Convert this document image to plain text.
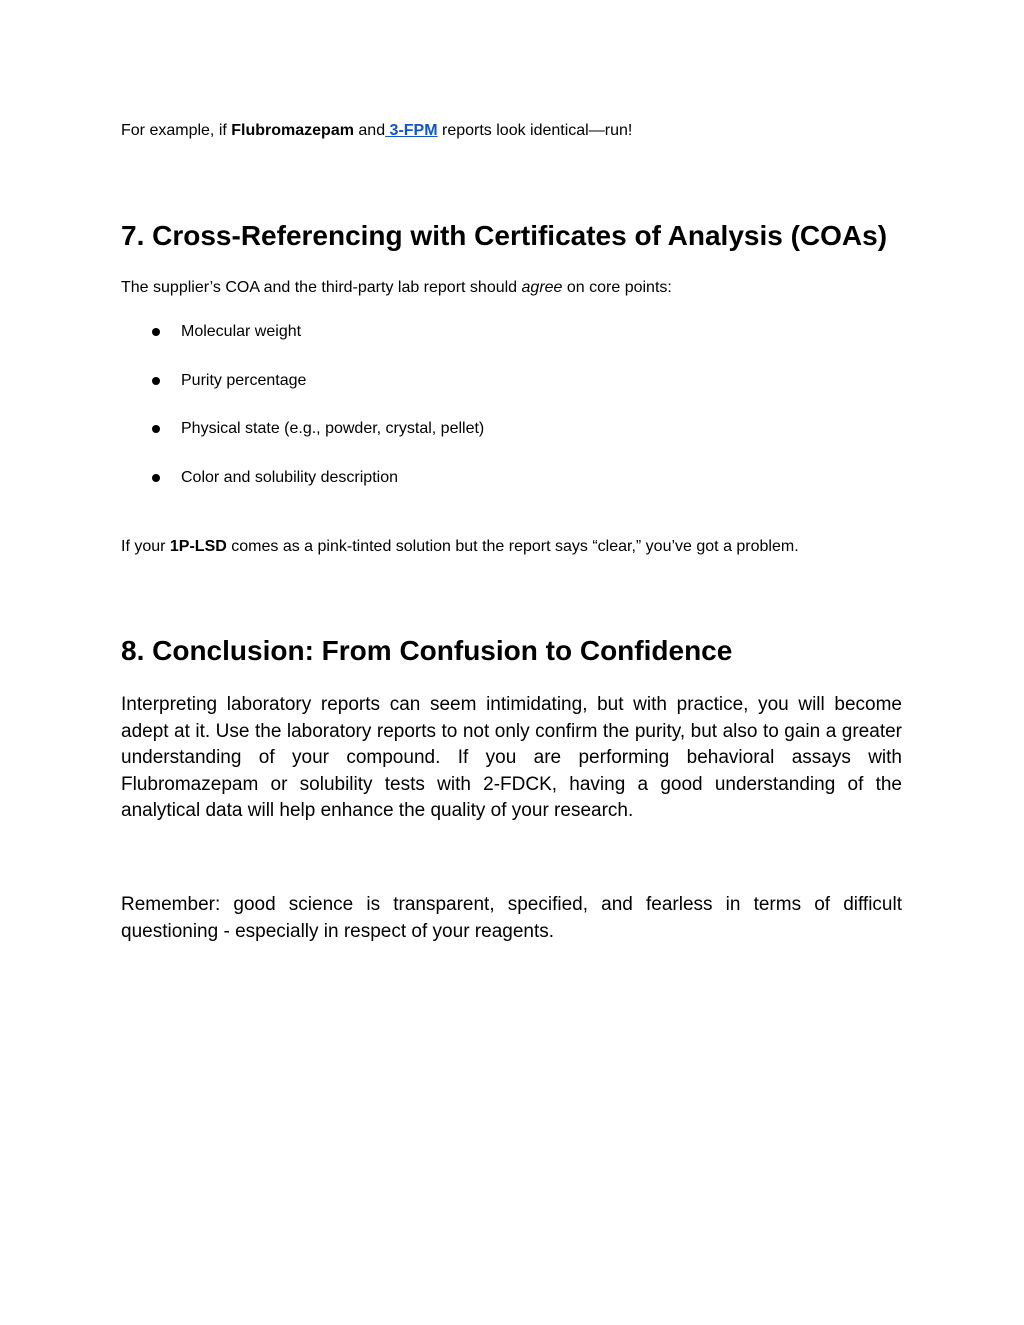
For example, if Flubromazepam and 3-FPM reports look identical—run!

7. Cross-Referencing with Certificates of Analysis (COAs)

The supplier’s COA and the third-party lab report should agree on core points:

Molecular weight
Purity percentage
Physical state (e.g., powder, crystal, pellet)
Color and solubility description

If your 1P-LSD comes as a pink-tinted solution but the report says “clear,” you’ve got a problem.

8. Conclusion: From Confusion to Confidence

Interpreting laboratory reports can seem intimidating, but with practice, you will become adept at it. Use the laboratory reports to not only confirm the purity, but also to gain a greater understanding of your compound. If you are performing behavioral assays with Flubromazepam or solubility tests with 2-FDCK, having a good understanding of the analytical data will help enhance the quality of your research.

Remember: good science is transparent, specified, and fearless in terms of difficult questioning - especially in respect of your reagents.
